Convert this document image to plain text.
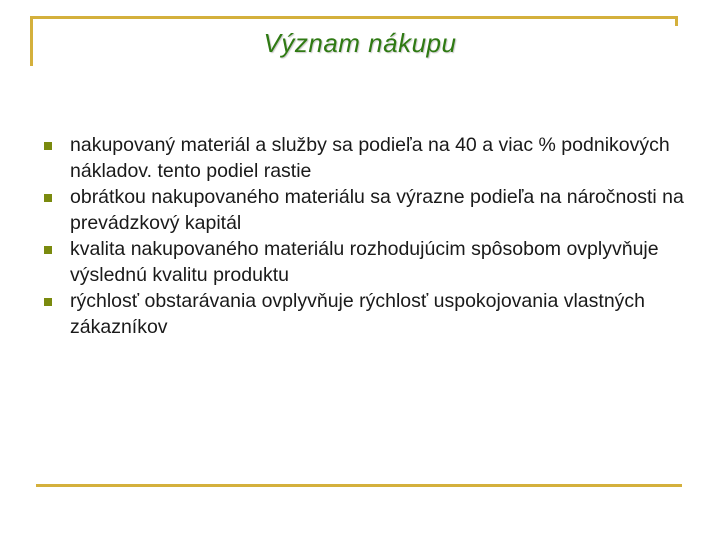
Význam nákupu
nakupovaný materiál a služby sa podieľa na 40 a viac % podnikových nákladov. tento podiel rastie
obrátkou nakupovaného materiálu sa výrazne podieľa na náročnosti na prevádzkový kapitál
kvalita nakupovaného materiálu rozhodujúcim spôsobom ovplyvňuje výslednú kvalitu produktu
rýchlosť obstarávania ovplyvňuje rýchlosť uspokojovania vlastných zákazníkov
